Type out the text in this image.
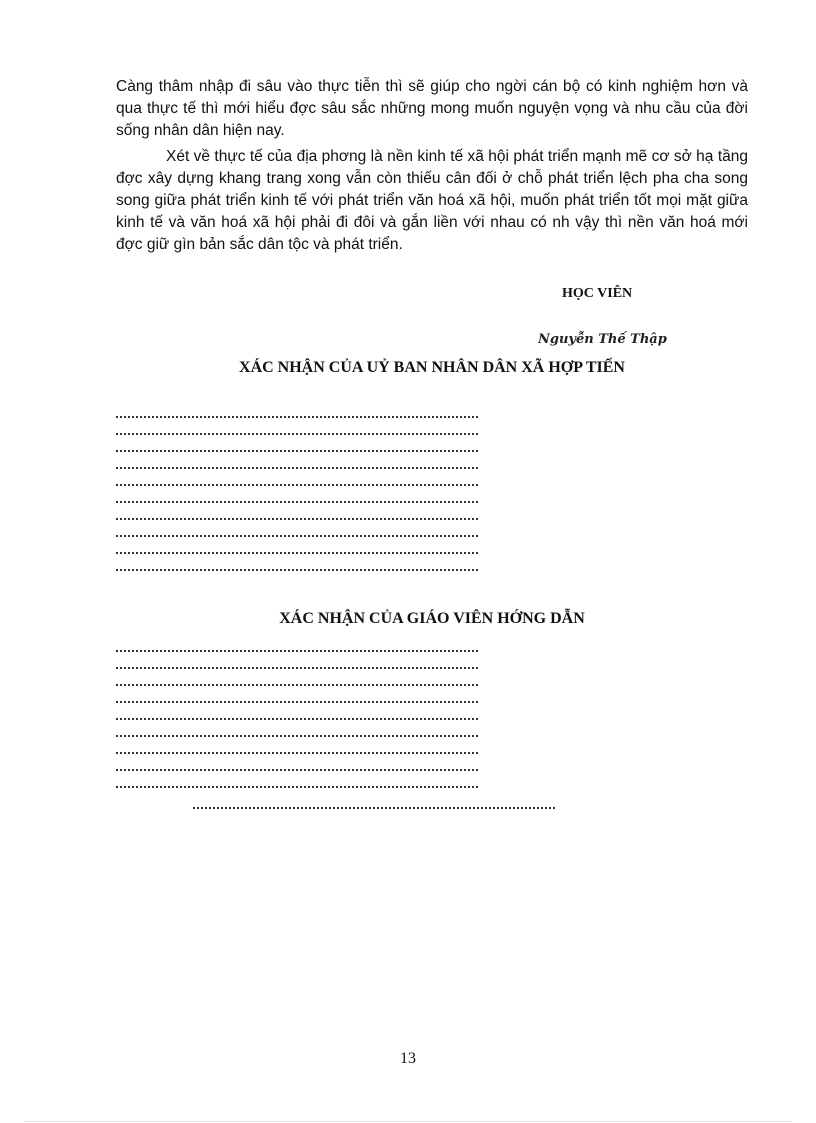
Càng thâm nhập đi sâu vào thực tiễn thì sẽ giúp cho ngời cán bộ có kinh nghiệm hơn và qua thực tế thì mới hiểu đợc sâu sắc những mong muốn nguyện vọng và nhu cầu của đời sống nhân dân hiện nay.

Xét về thực tế của địa phơng là nền kinh tế xã hội phát triển mạnh mẽ cơ sở hạ tầng đợc xây dựng khang trang xong vẫn còn thiếu cân đối ở chỗ phát triển lệch pha cha song song giữa phát triển kinh tế với phát triển văn hoá xã hội, muốn phát triển tốt mọi mặt giữa kinh tế và văn hoá xã hội phải đi đôi và gắn liền với nhau có nh vậy thì nền văn hoá mới đợc giữ gìn bản sắc dân tộc và phát triển.

HỌC VIÊN
Nguyễn Thế Thập
XÁC NHẬN CỦA UỶ BAN NHÂN DÂN XÃ HỢP TIẾN
XÁC NHẬN CỦA GIÁO VIÊN HỚNG DẪN
13
